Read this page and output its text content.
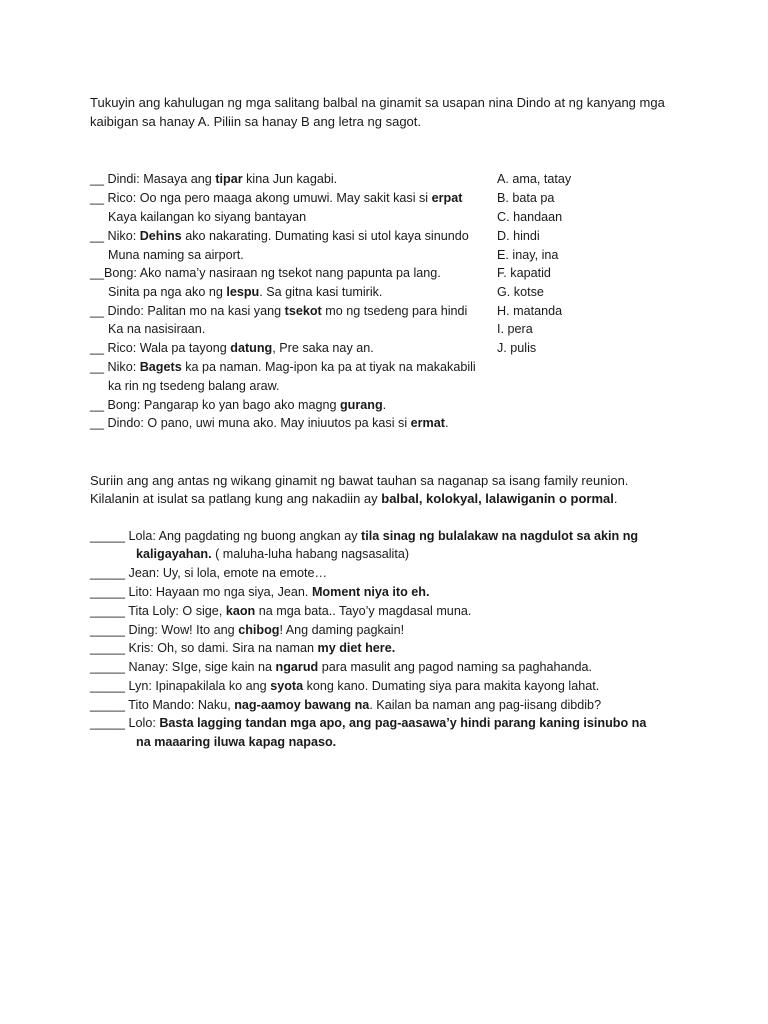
Tukuyin ang kahulugan ng mga salitang balbal na ginamit sa usapan nina Dindo at ng kanyang mga
kaibigan sa hanay A. Piliin sa hanay B ang letra ng sagot.
__ Dindi: Masaya ang tipar kina Jun kagabi.
__ Rico: Oo nga pero maaga akong umuwi. May sakit kasi si erpat
Kaya kailangan ko siyang bantayan
__ Niko: Dehins ako nakarating. Dumating kasi si utol kaya sinundo
Muna naming sa airport.
__Bong: Ako nama’y nasiraan ng tsekot nang papunta pa lang.
Sinita pa nga ako ng lespu. Sa gitna kasi tumirik.
__ Dindo: Palitan mo na kasi yang tsekot mo ng tsedeng para hindi
Ka na nasisiraan.
__ Rico: Wala pa tayong datung, Pre saka nay an.
__ Niko: Bagets ka pa naman. Mag-ipon ka pa at tiyak na makakabili
ka rin ng tsedeng balang araw.
__ Bong: Pangarap ko yan bago ako magng gurang.
__ Dindo: O pano, uwi muna ako. May iniuutos pa kasi si ermat.
A. ama, tatay
B. bata pa
C. handaan
D. hindi
E. inay, ina
F. kapatid
G. kotse
H. matanda
I. pera
J. pulis
Suriin ang ang antas ng wikang ginamit ng bawat tauhan sa naganap sa isang family reunion.
Kilalanin at isulat sa patlang kung ang nakadiin ay balbal, kolokyal, lalawiganin o pormal.
_____ Lola: Ang pagdating ng buong angkan ay tila sinag ng bulalakaw na nagdulot sa akin ng
kaligayahan. ( maluha-luha habang nagsasalita)
_____ Jean: Uy, si lola, emote na emote…
_____ Lito: Hayaan mo nga siya, Jean. Moment niya ito eh.
_____ Tita Loly: O sige, kaon na mga bata.. Tayo’y magdasal muna.
_____ Ding: Wow! Ito ang chibog! Ang daming pagkain!
_____ Kris: Oh, so dami. Sira na naman my diet here.
_____ Nanay: SIge, sige kain na ngarud para masulit ang pagod naming sa paghahanda.
_____ Lyn: Ipinapakilala ko ang syota kong kano. Dumating siya para makita kayong lahat.
_____ Tito Mando: Naku, nag-aamoy bawang na. Kailan ba naman ang pag-iisang dibdib?
_____ Lolo: Basta lagging tandan mga apo, ang pag-aasawa’y hindi parang kaning isinubo na
na maaaring iluwa kapag napaso.
